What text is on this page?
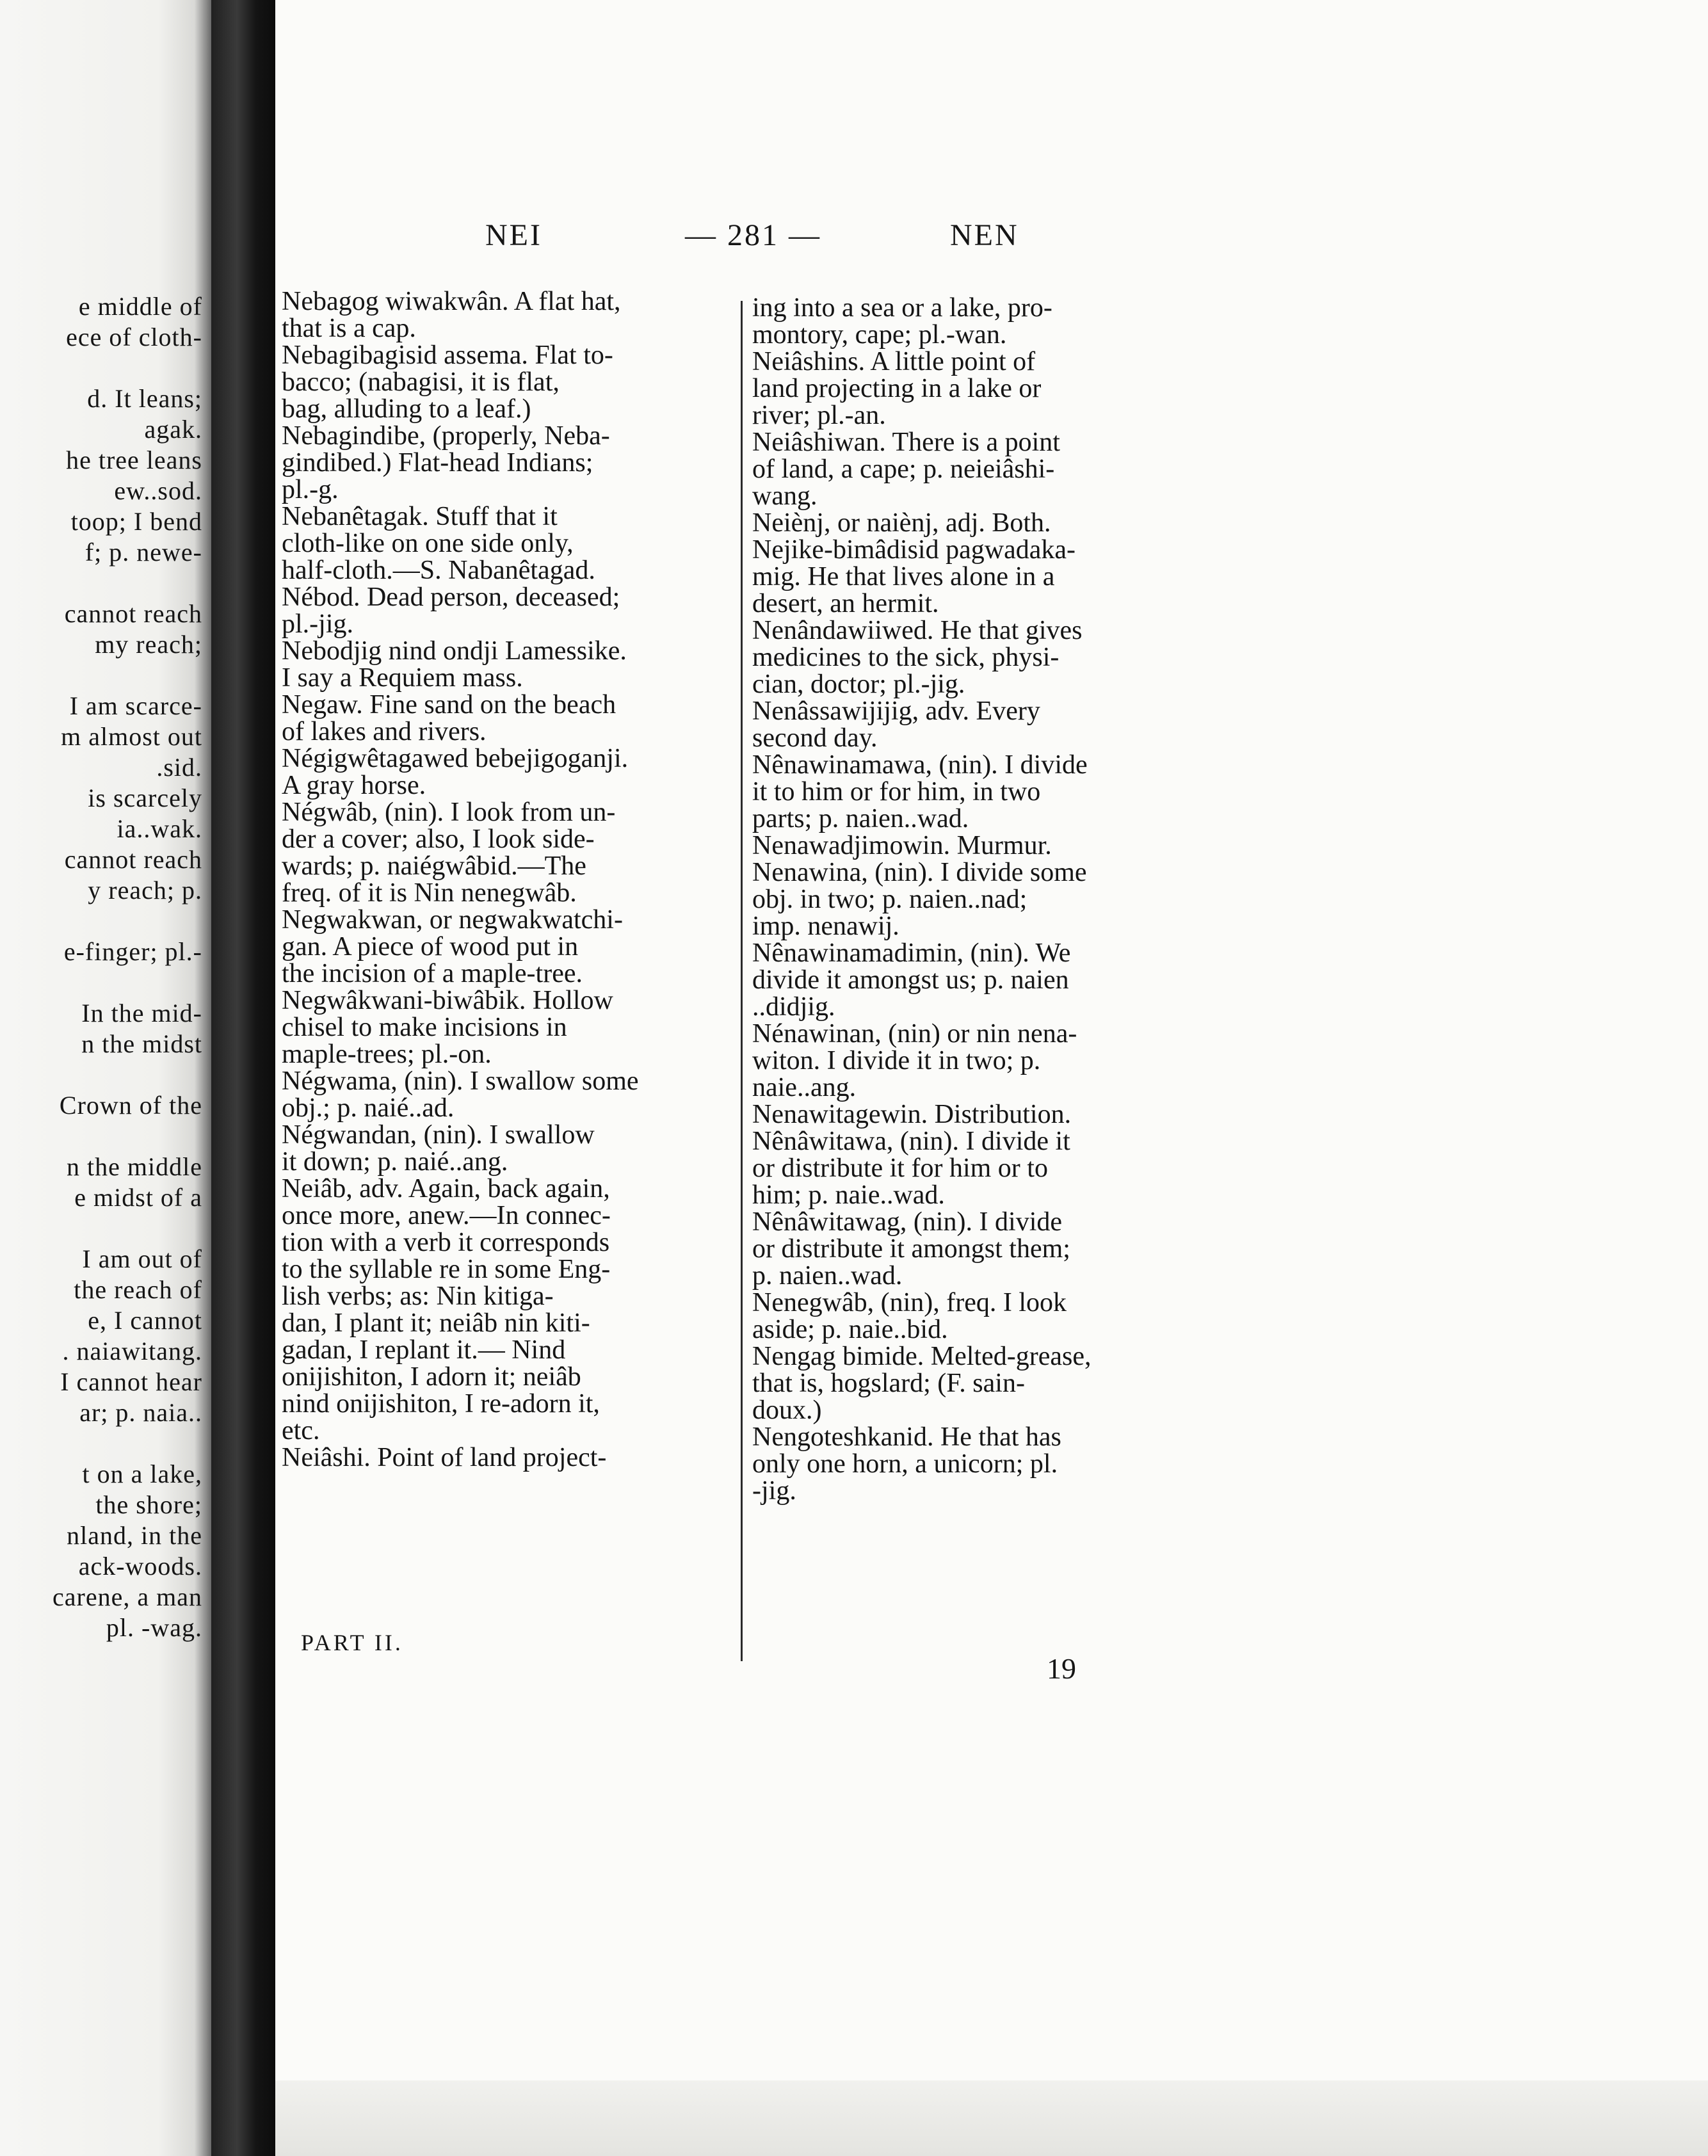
e middle of
ece of cloth-
d. It leans;
agak.
he tree leans
ew..sod.
toop; I bend
f; p. newe-
cannot reach
my reach;
I am scarce-
m almost out
.sid.
is scarcely
ia..wak.
cannot reach
y reach; p.
e-finger; pl.-
In the mid-
n the midst
Crown of the
n the middle
e midst of a
I am out of
the reach of
e, I cannot
. naiawitang.
I cannot hear
ar; p. naia..
t on a lake,
the shore;
nland, in the
ack-woods.
carene, a man
pl. -wag.
NEI	— 281 —	NEN
Nebagog wiwakwân. A flat hat,
that is a cap.
Nebagibagisid assema. Flat to-
bacco; (nabagisi, it is flat,
bag, alluding to a leaf.)
Nebagindibe, (properly, Neba-
gindibed.) Flat-head Indians;
pl.-g.
Nebanêtagak. Stuff that it
cloth-like on one side only,
half-cloth.—S. Nabanêtagad.
Nébod. Dead person, deceased;
pl.-jig.
Nebodjig nind ondji Lamessike.
I say a Requiem mass.
Negaw. Fine sand on the beach
of lakes and rivers.
Négigwêtagawed bebejigoganji.
A gray horse.
Négwâb, (nin). I look from un-
der a cover; also, I look side-
wards; p. naiégwâbid.—The
freq. of it is Nin nenegwâb.
Negwakwan, or negwakwatchi-
gan. A piece of wood put in
the incision of a maple-tree.
Negwâkwani-biwâbik. Hollow
chisel to make incisions in
maple-trees; pl.-on.
Négwama, (nin). I swallow some
obj.; p. naié..ad.
Négwandan, (nin). I swallow
it down; p. naié..ang.
Neiâb, adv. Again, back again,
once more, anew.—In connec-
tion with a verb it corresponds
to the syllable re in some Eng-
lish verbs; as: Nin kitiga-
dan, I plant it; neiâb nin kiti-
gadan, I replant it.— Nind
onijishiton, I adorn it; neiâb
nind onijishiton, I re-adorn it,
etc.
Neiâshi. Point of land project-
ing into a sea or a lake, pro-
montory, cape; pl.-wan.
Neiâshins. A little point of
land projecting in a lake or
river; pl.-an.
Neiâshiwan. There is a point
of land, a cape; p. neieiâshi-
wang.
Neiènj, or naiènj, adj. Both.
Nejike-bimâdisid pagwadaka-
mig. He that lives alone in a
desert, an hermit.
Nenândawiiwed. He that gives
medicines to the sick, physi-
cian, doctor; pl.-jig.
Nenâssawijijig, adv. Every
second day.
Nênawinamawa, (nin). I divide
it to him or for him, in two
parts; p. naien..wad.
Nenawadjimowin. Murmur.
Nenawina, (nin). I divide some
obj. in two; p. naien..nad;
imp. nenawij.
Nênawinamadimin, (nin). We
divide it amongst us; p. naien
..didjig.
Nénawinan, (nin) or nin nena-
witon. I divide it in two; p.
naie..ang.
Nenawitagewin. Distribution.
Nênâwitawa, (nin). I divide it
or distribute it for him or to
him; p. naie..wad.
Nênâwitawag, (nin). I divide
or distribute it amongst them;
p. naien..wad.
Nenegwâb, (nin), freq. I look
aside; p. naie..bid.
Nengag bimide. Melted-grease,
that is, hogslard; (F. sain-
doux.)
Nengoteshkanid. He that has
only one horn, a unicorn; pl.
-jig.
PART II.
19
